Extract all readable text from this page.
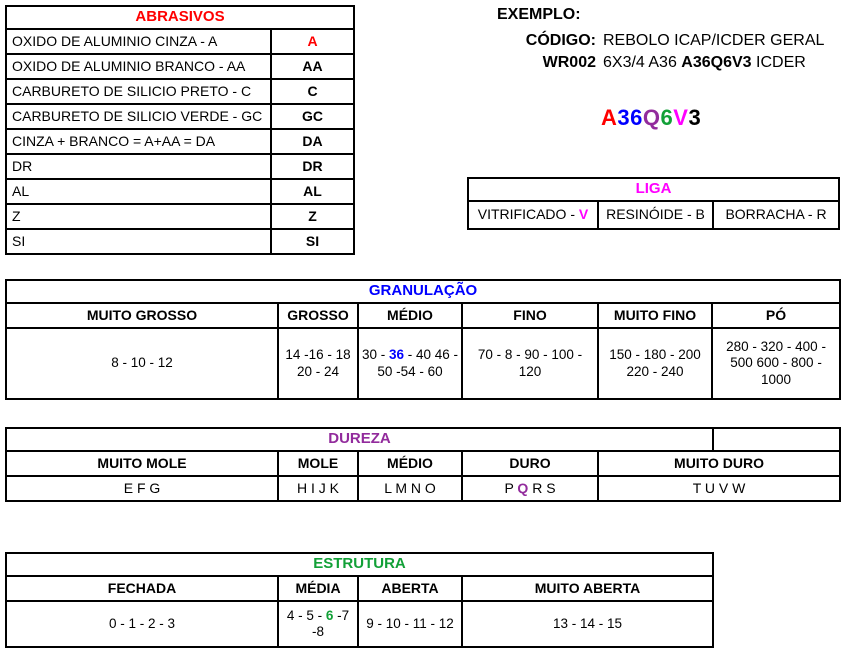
ABRASIVOS	
OXIDO DE ALUMINIO CINZA - A	A
OXIDO DE ALUMINIO BRANCO - AA	AA
CARBURETO DE SILICIO PRETO - C	C
CARBURETO DE SILICIO VERDE - GC	GC
CINZA + BRANCO = A+AA = DA	DA
DR	DR
AL	AL
Z	Z
SI	SI
EXEMPLO:
CÓDIGO: REBOLO ICAP/ICDER GERAL
WR002 6X3/4 A36 A36Q6V3 ICDER
A36Q6V3
LIGA
VITRIFICADO - V	RESINÓIDE - B	BORRACHA - R
GRANULAÇÃO					
MUITO GROSSO	GROSSO	MÉDIO	FINO	MUITO FINO	PÓ
8 - 10 - 12	14 -16 - 18 20 - 24	30 - 36 - 40 46 - 50 -54 - 60	70 - 8 - 90 - 100 - 120	150 - 180 - 200 220 - 240	280 - 320 - 400 - 500 600 - 800 - 1000
DUREZA					
MUITO MOLE	MOLE	MÉDIO	DURO	MUITO DURO	
E F G	H I J K	L M N O	P Q R S	T U V W	
ESTRUTURA			
FECHADA	MÉDIA	ABERTA	MUITO ABERTA
0 - 1 - 2 - 3	4 - 5 - 6 -7 -8	9 - 10 - 11 - 12	13 - 14 - 15
